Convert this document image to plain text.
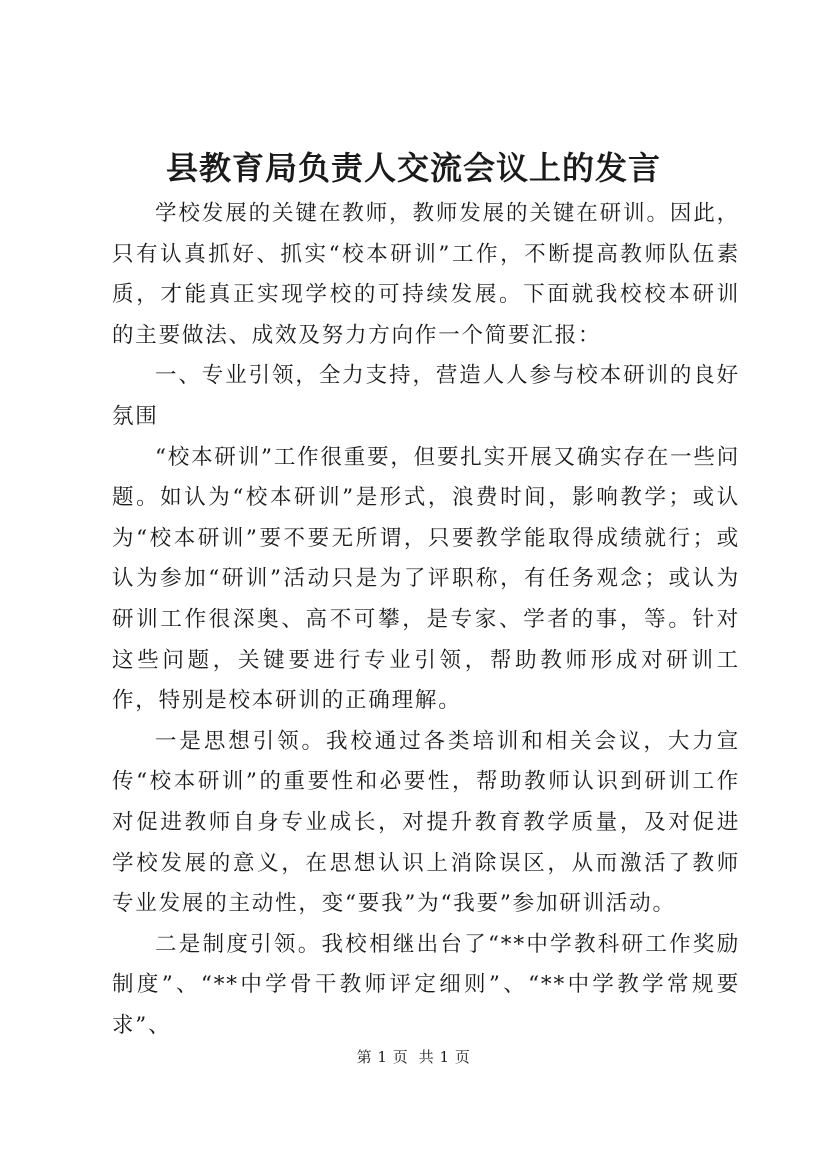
县教育局负责人交流会议上的发言

学校发展的关键在教师，教师发展的关键在研训。因此，只有认真抓好、抓实“校本研训”工作，不断提高教师队伍素质，才能真正实现学校的可持续发展。下面就我校校本研训的主要做法、成效及努力方向作一个简要汇报：

一、专业引领，全力支持，营造人人参与校本研训的良好氛围

“校本研训”工作很重要，但要扎实开展又确实存在一些问题。如认为“校本研训”是形式，浪费时间，影响教学；或认为“校本研训”要不要无所谓，只要教学能取得成绩就行；或认为参加“研训”活动只是为了评职称，有任务观念；或认为研训工作很深奥、高不可攀，是专家、学者的事，等。针对这些问题，关键要进行专业引领，帮助教师形成对研训工作，特别是校本研训的正确理解。

一是思想引领。我校通过各类培训和相关会议，大力宣传“校本研训”的重要性和必要性，帮助教师认识到研训工作对促进教师自身专业成长，对提升教育教学质量，及对促进学校发展的意义，在思想认识上消除误区，从而激活了教师专业发展的主动性，变“要我”为“我要”参加研训活动。

二是制度引领。我校相继出台了“**中学教科研工作奖励制度”、“**中学骨干教师评定细则”、“**中学教学常规要求”、

第 1 页  共 1 页
